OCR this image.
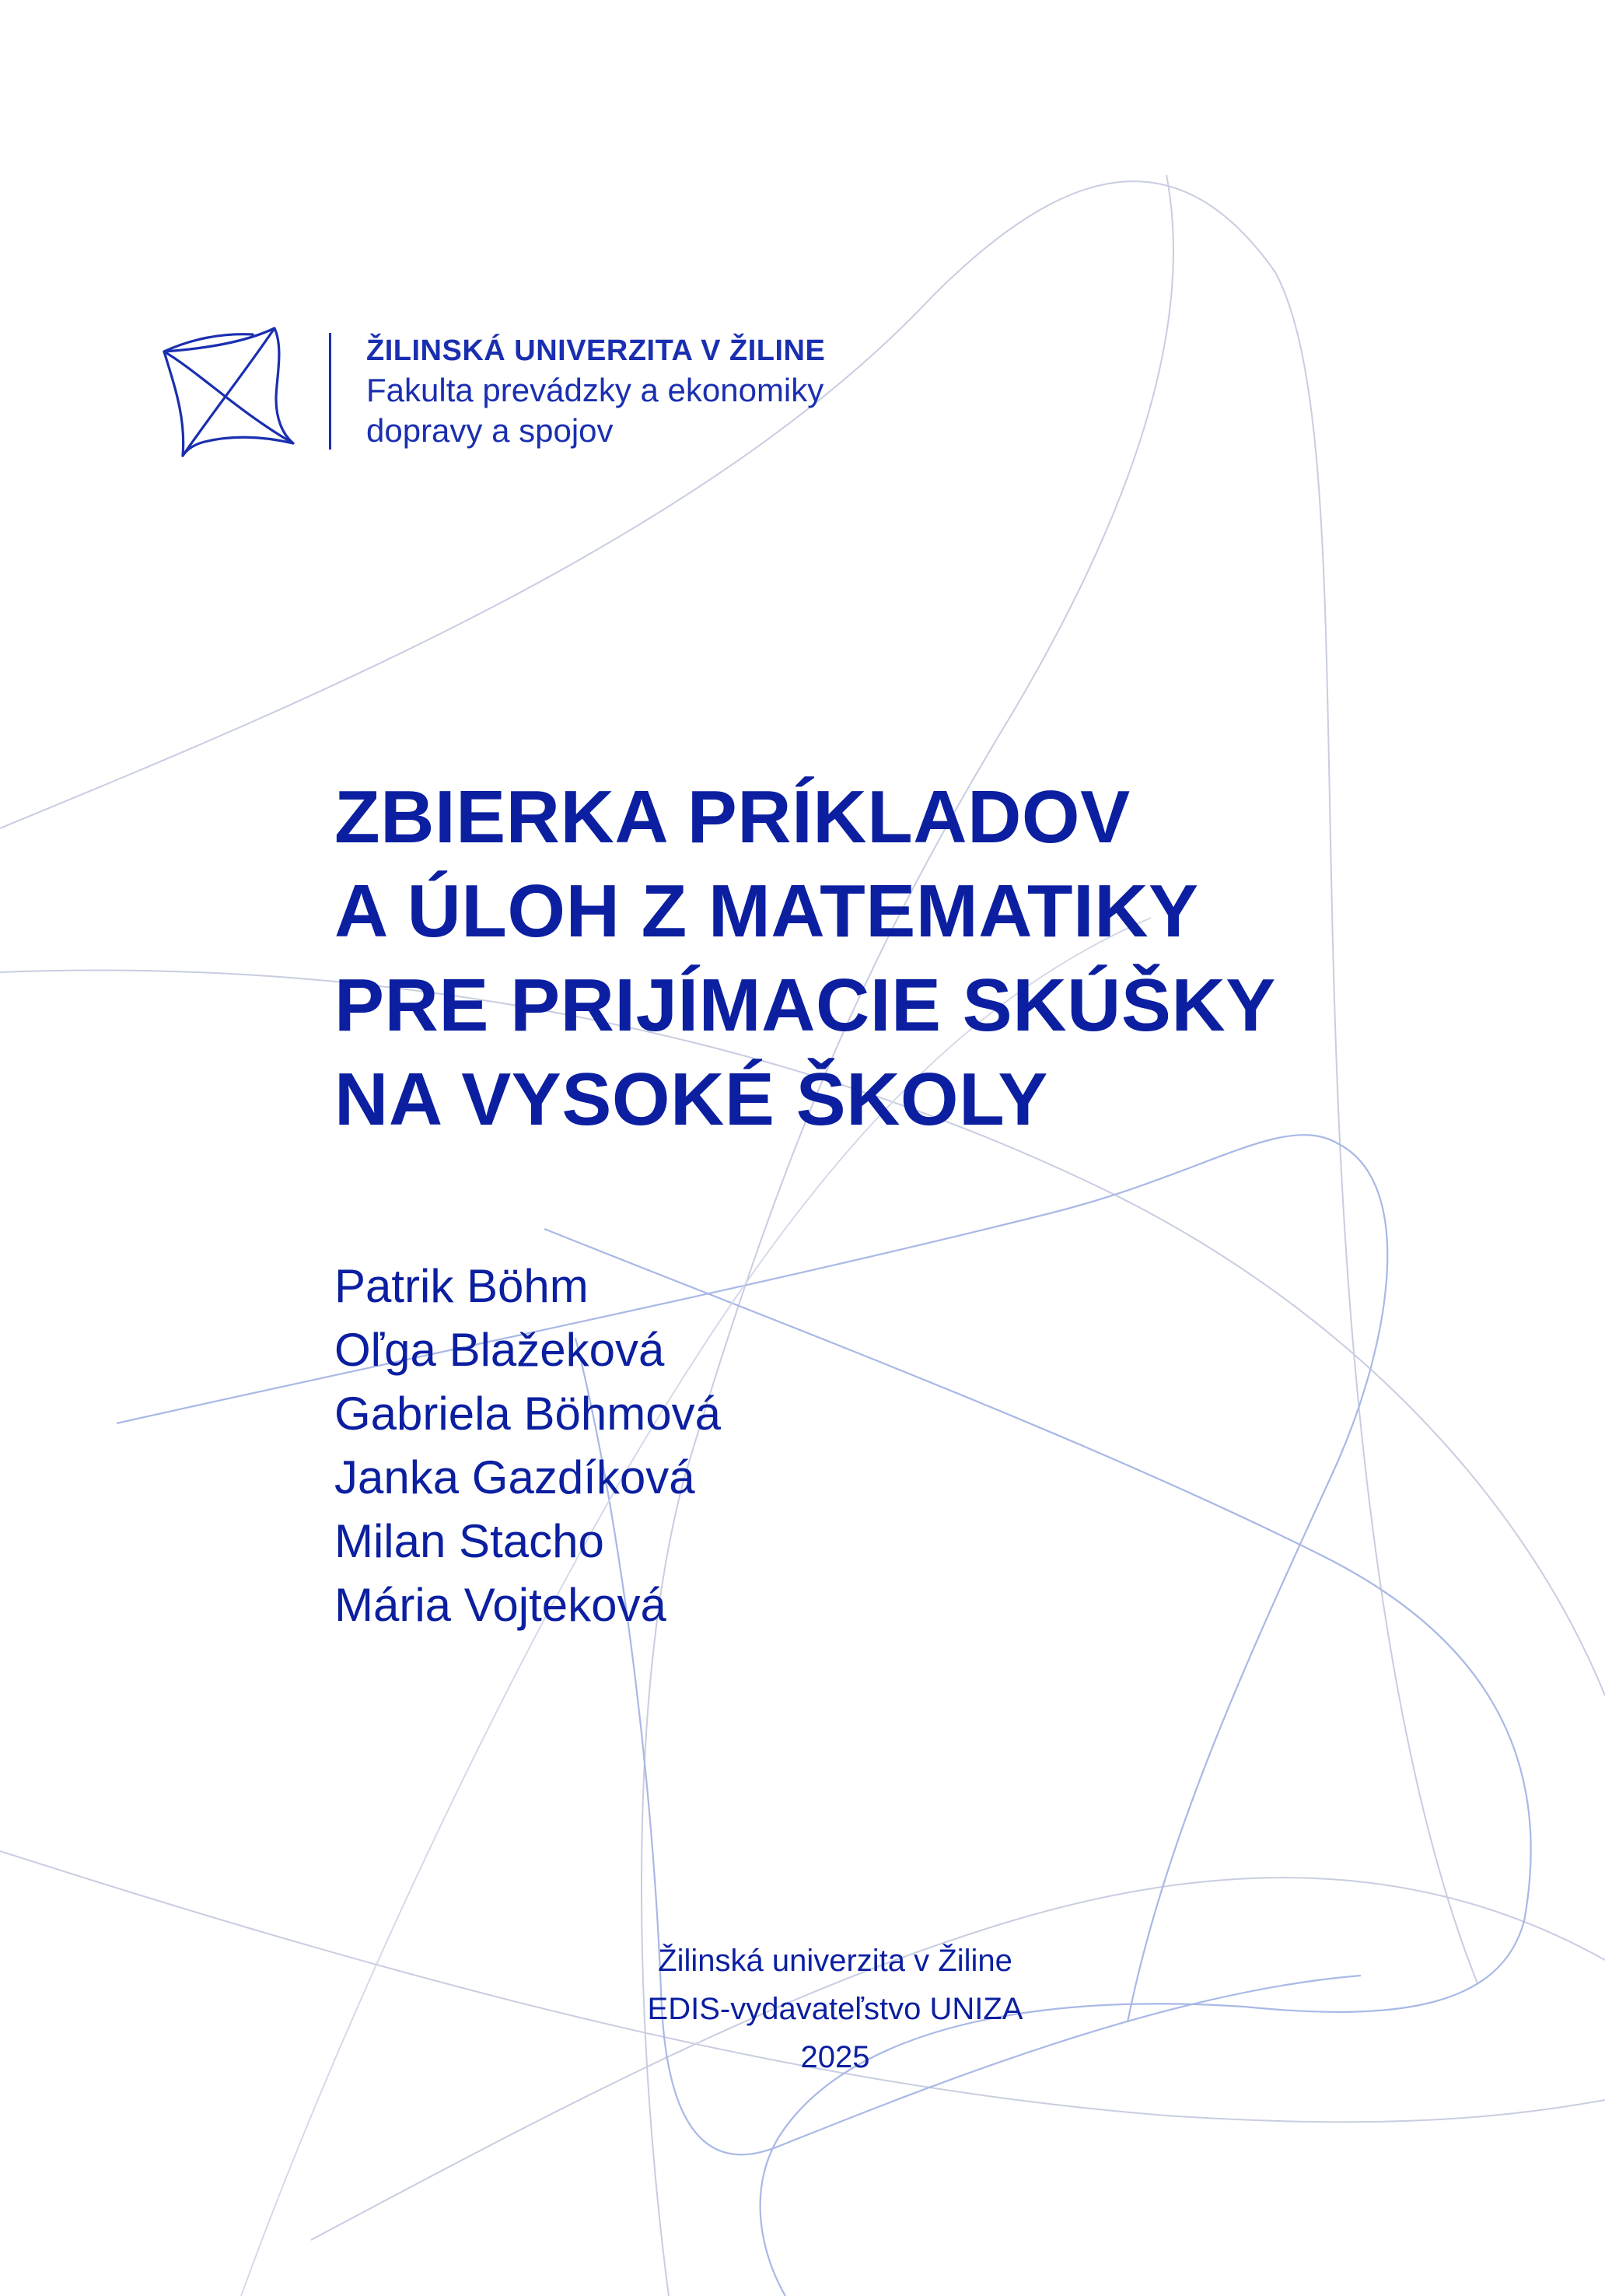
ŽILINSKÁ UNIVERZITA V ŽILINE
Fakulta prevádzky a ekonomiky
dopravy a spojov
ZBIERKA PRÍKLADOV
A ÚLOH Z MATEMATIKY
PRE PRIJÍMACIE SKÚŠKY
NA VYSOKÉ ŠKOLY
Patrik Böhm
Oľga Blažeková
Gabriela Böhmová
Janka Gazdíková
Milan Stacho
Mária Vojteková
Žilinská univerzita v Žiline
EDIS-vydavateľstvo UNIZA
2025
